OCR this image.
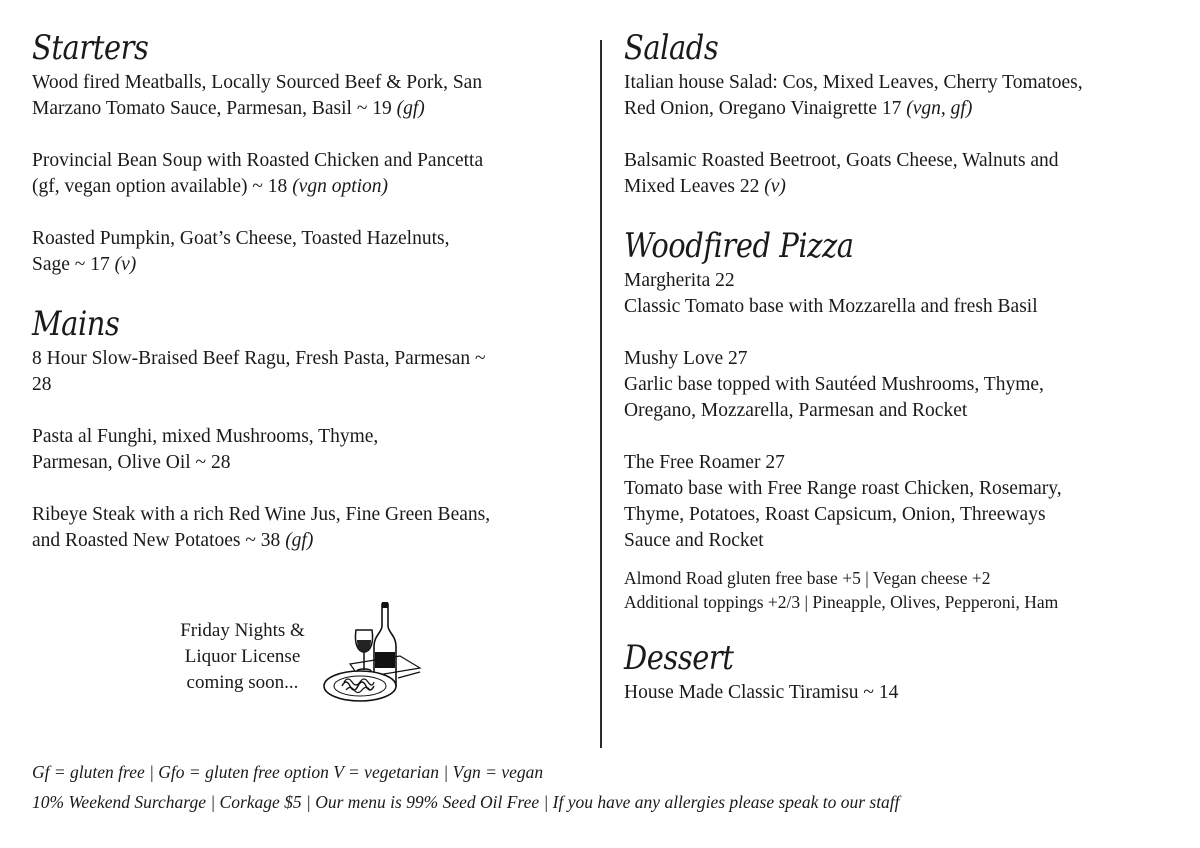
Starters
Wood fired Meatballs, Locally Sourced Beef & Pork, San
Marzano Tomato Sauce, Parmesan, Basil ~ 19 (gf)
Provincial Bean Soup with Roasted Chicken and Pancetta
(gf, vegan option available) ~ 18 (vgn option)
Roasted Pumpkin, Goat’s Cheese, Toasted Hazelnuts,
Sage ~ 17 (v)
Mains
8 Hour Slow-Braised Beef Ragu, Fresh Pasta, Parmesan ~
28
Pasta al Funghi, mixed Mushrooms, Thyme,
Parmesan, Olive Oil ~ 28
Ribeye Steak with a rich Red Wine Jus, Fine Green Beans,
and Roasted New Potatoes ~ 38 (gf)
Friday Nights &
Liquor License
coming soon...
Salads
Italian house Salad: Cos, Mixed Leaves, Cherry Tomatoes,
Red Onion, Oregano Vinaigrette 17 (vgn, gf)
Balsamic Roasted Beetroot, Goats Cheese, Walnuts and
Mixed Leaves 22 (v)
Woodfired Pizza
Margherita 22
Classic Tomato base with Mozzarella and fresh Basil
Mushy Love 27
Garlic base topped with Sautéed Mushrooms, Thyme,
Oregano, Mozzarella, Parmesan and Rocket
The Free Roamer 27
Tomato base with Free Range roast Chicken, Rosemary,
Thyme, Potatoes, Roast Capsicum, Onion, Threeways
Sauce and Rocket
Almond Road gluten free base +5 | Vegan cheese +2
Additional toppings +2/3 | Pineapple, Olives, Pepperoni, Ham
Dessert
House Made Classic Tiramisu ~ 14
Gf = gluten free | Gfo = gluten free option V = vegetarian | Vgn = vegan
10% Weekend Surcharge | Corkage $5 | Our menu is 99% Seed Oil Free | If you have any allergies please speak to our staff
